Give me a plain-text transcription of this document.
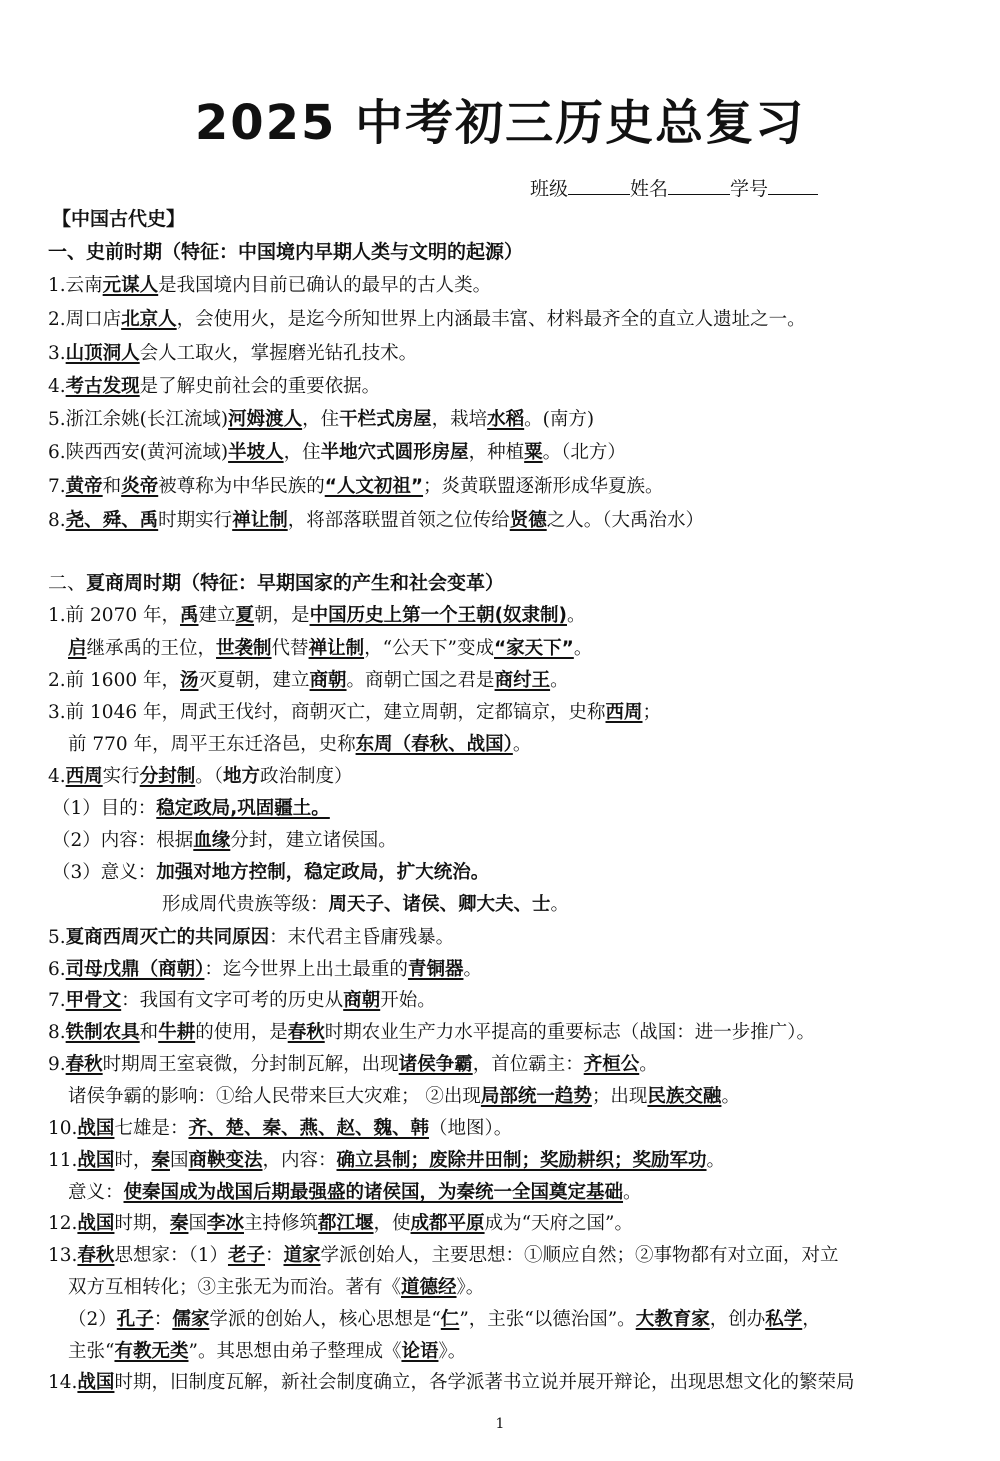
2025 中考初三历史总复习
班级	姓名	学号
【中国古代史】
一、史前时期（特征：中国境内早期人类与文明的起源）
1.云南元谋人是我国境内目前已确认的最早的古人类。
2.周口店北京人，会使用火，是迄今所知世界上内涵最丰富、材料最齐全的直立人遗址之一。
3.山顶洞人会人工取火，掌握磨光钻孔技术。
4.考古发现是了解史前社会的重要依据。
5.浙江余姚(长江流域)河姆渡人，住干栏式房屋，栽培水稻。(南方)
6.陕西西安(黄河流域)半坡人，住半地穴式圆形房屋，种植粟。（北方）
7.黄帝和炎帝被尊称为中华民族的“人文初祖”；炎黄联盟逐渐形成华夏族。
8.尧、舜、禹时期实行禅让制，将部落联盟首领之位传给贤德之人。（大禹治水）
二、夏商周时期（特征：早期国家的产生和社会变革）
1.前 2070 年，禹建立夏朝，是中国历史上第一个王朝(奴隶制)。
启继承禹的王位，世袭制代替禅让制，“公天下”变成“家天下”。
2.前 1600 年，汤灭夏朝，建立商朝。商朝亡国之君是商纣王。
3.前 1046 年，周武王伐纣，商朝灭亡，建立周朝，定都镐京，史称西周；
前 770 年，周平王东迁洛邑，史称东周（春秋、战国）。
4.西周实行分封制。（地方政治制度）
（1）目的：稳定政局,巩固疆土。
（2）内容：根据血缘分封，建立诸侯国。
（3）意义：加强对地方控制，稳定政局，扩大统治。
形成周代贵族等级：周天子、诸侯、卿大夫、士。
5.夏商西周灭亡的共同原因：末代君主昏庸残暴。
6.司母戊鼎（商朝）：迄今世界上出土最重的青铜器。
7.甲骨文：我国有文字可考的历史从商朝开始。
8.铁制农具和牛耕的使用，是春秋时期农业生产力水平提高的重要标志（战国：进一步推广）。
9.春秋时期周王室衰微，分封制瓦解，出现诸侯争霸，首位霸主：齐桓公。
诸侯争霸的影响：①给人民带来巨大灾难； ②出现局部统一趋势；出现民族交融。
10.战国七雄是：齐、楚、秦、燕、赵、魏、韩（地图）。
11.战国时，秦国商鞅变法，内容：确立县制；废除井田制；奖励耕织；奖励军功。
意义：使秦国成为战国后期最强盛的诸侯国，为秦统一全国奠定基础。
12.战国时期，秦国李冰主持修筑都江堰，使成都平原成为“天府之国”。
13.春秋思想家：（1）老子：道家学派创始人，主要思想：①顺应自然；②事物都有对立面，对立
双方互相转化；③主张无为而治。著有《道德经》。
（2）孔子：儒家学派的创始人，核心思想是“仁”，主张“以德治国”。大教育家，创办私学，
主张“有教无类”。其思想由弟子整理成《论语》。
14.战国时期，旧制度瓦解，新社会制度确立，各学派著书立说并展开辩论，出现思想文化的繁荣局
1
